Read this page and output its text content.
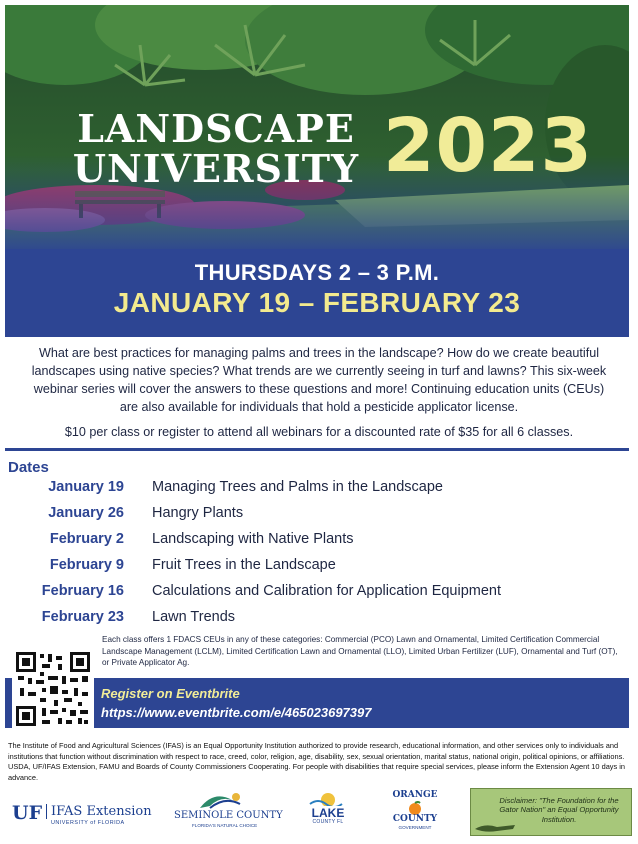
LANDSCAPE
UNIVERSITY 2023
THURSDAYS 2 – 3 P.M.
JANUARY 19 – FEBRUARY 23
What are best practices for managing palms and trees in the landscape? How do we create beautiful landscapes using native species? What trends are we currently seeing in turf and lawns? This six-week webinar series will cover the answers to these questions and more! Continuing education units (CEUs) are also available for individuals that hold a pesticide applicator license.
$10 per class or register to attend all webinars for a discounted rate of $35 for all 6 classes.
Dates
January 19 Managing Trees and Palms in the Landscape
January 26 Hangry Plants
February 2 Landscaping with Native Plants
February 9 Fruit Trees in the Landscape
February 16 Calculations and Calibration for Application Equipment
February 23 Lawn Trends
Each class offers 1 FDACS CEUs in any of these categories: Commercial (PCO) Lawn and Ornamental, Limited Certification Commercial Landscape Management (LCLM), Limited Certification Lawn and Ornamental (LLO), Limited Urban Fertilizer (LUF), Ornamental and Turf (OT), or Private Applicator Ag.
Register on Eventbrite
https://www.eventbrite.com/e/465023697397
The Institute of Food and Agricultural Sciences (IFAS) is an Equal Opportunity Institution authorized to provide research, educational information, and other services only to individuals and institutions that function without discrimination with respect to race, creed, color, religion, age, disability, sex, sexual orientation, marital status, national origin, political opinions, or affiliations. USDA, UF/IFAS Extension, FAMU and Boards of County Commissioners Cooperating. For people with disabilities that require special services, please inform the Extension Agent 10 days in advance.
UF IFAS Extension
UNIVERSITY of FLORIDA
SEMINOLE COUNTY
FLORIDA'S NATURAL CHOICE
LAKE
COUNTY FL
ORANGE
COUNTY
GOVERNMENT
Disclaimer: "The Foundation for the Gator Nation" an Equal Opportunity Institution.
